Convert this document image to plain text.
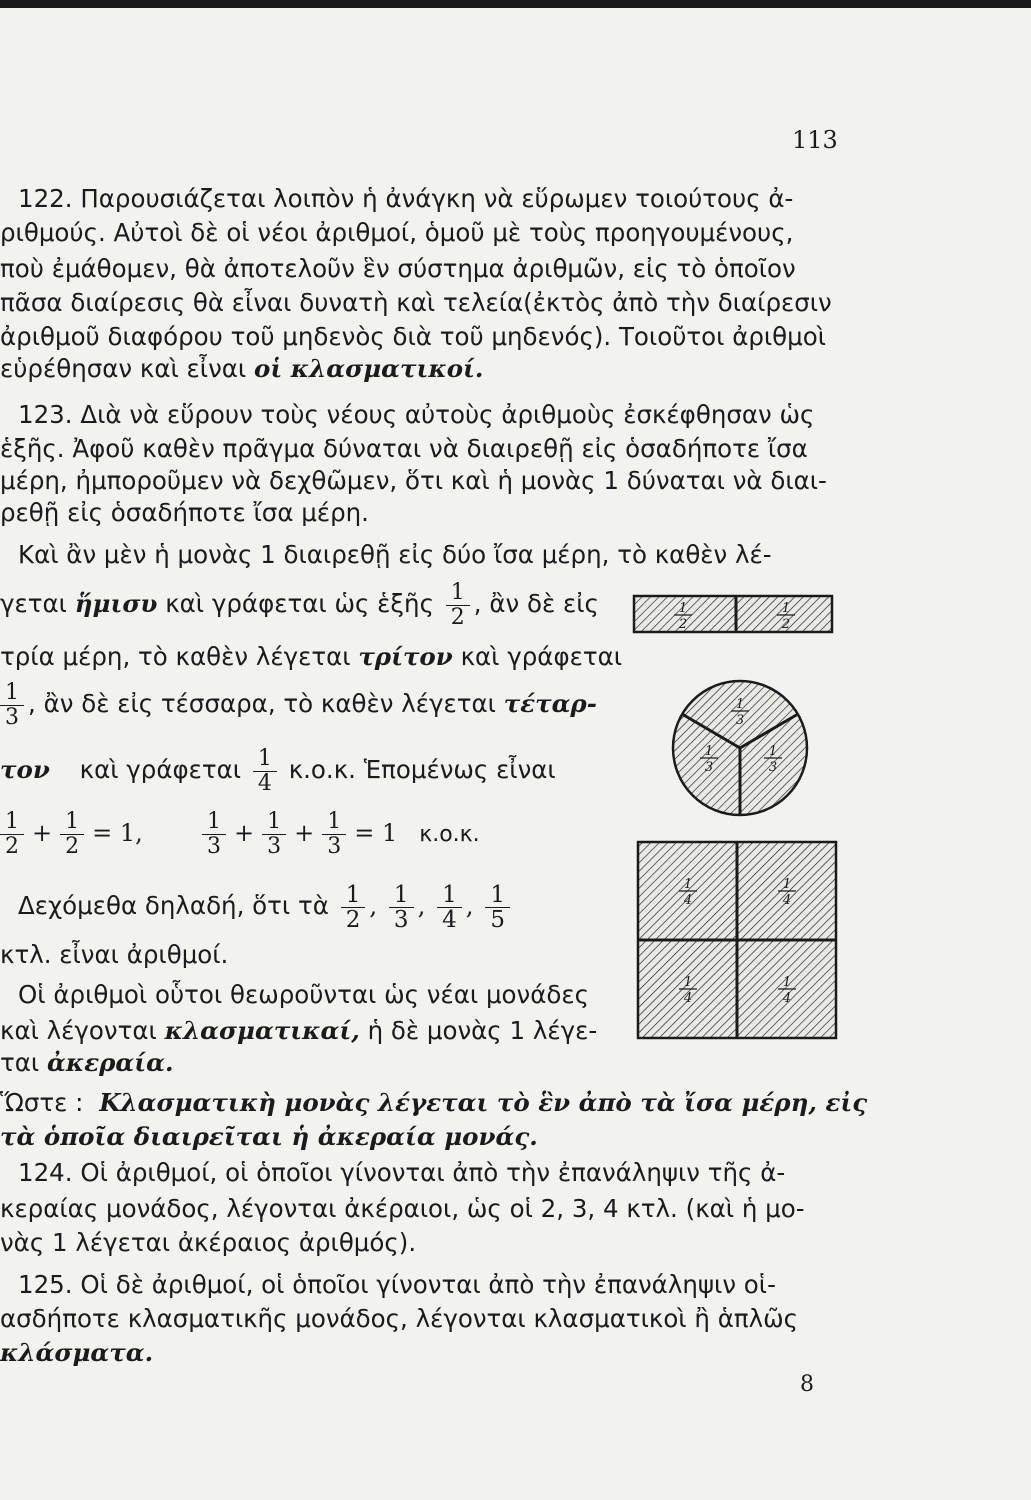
113
122. Παρουσιάζεται λοιπὸν ἡ ἀνάγκη νὰ εὕρωμεν τοιούτους ἀ-
ριθμούς. Αὐτοὶ δὲ οἱ νέοι ἀριθμοί, ὁμοῦ μὲ τοὺς προηγουμένους,
ποὺ ἐμάθομεν, θὰ ἀποτελοῦν ἓν σύστημα ἀριθμῶν, εἰς τὸ ὁποῖον
πᾶσα διαίρεσις θὰ εἶναι δυνατὴ καὶ τελεία(ἐκτὸς ἀπὸ τὴν διαίρεσιν
ἀριθμοῦ διαφόρου τοῦ μηδενὸς διὰ τοῦ μηδενός). Τοιοῦτοι ἀριθμοὶ
εὑρέθησαν καὶ εἶναι οἱ κλασματικοί.
123. Διὰ νὰ εὕρουν τοὺς νέους αὐτοὺς ἀριθμοὺς ἐσκέφθησαν ὡς
ἑξῆς. Ἀφοῦ καθὲν πρᾶγμα δύναται νὰ διαιρεθῇ εἰς ὁσαδήποτε ἴσα
μέρη, ἠμποροῦμεν νὰ δεχθῶμεν, ὅτι καὶ ἡ μονὰς 1 δύναται νὰ διαι-
ρεθῇ εἰς ὁσαδήποτε ἴσα μέρη.
Καὶ ἂν μὲν ἡ μονὰς 1 διαιρεθῇ εἰς δύο ἴσα μέρη, τὸ καθὲν λέ-
γεται ἥμισυ καὶ γράφεται ὡς ἑξῆς $\frac{1}{2}$ , ἂν δὲ εἰς
τρία μέρη, τὸ καθὲν λέγεται τρίτον καὶ γράφεται
$\frac{1}{3}$ , ἂν δὲ εἰς τέσσαρα, τὸ καθὲν λέγεται τέταρ-
τον καὶ γράφεται $\frac{1}{4} \kappa.o.\kappa$. Ἑπομένως εἶναι
$\frac{1}{2} + \frac{1}{2} = 1$,	$\frac{1}{3} + \frac{1}{3} + \frac{1}{3} = 1$ κ.ο.κ.
Δεχόμεθα δηλαδή, ὅτι τὰ $\frac{1}{2}$ , $\frac{1}{3}$ , $\frac{1}{4}$ , $\frac{1}{5}$
κτλ. εἶναι ἀριθμοί.
Οἱ ἀριθμοὶ οὗτοι θεωροῦνται ὡς νέαι μονάδες
καὶ λέγονται κλασματικαί, ἡ δὲ μονὰς 1 λέγε-
ται ἀκεραία.
Ὥστε : Κλασματικὴ μονὰς λέγεται τὸ ἓν ἀπὸ τὰ ἴσα μέρη, εἰς
τὰ ὁποῖα διαιρεῖται ἡ ἀκεραία μονάς.
124. Οἱ ἀριθμοί, οἱ ὁποῖοι γίνονται ἀπὸ τὴν ἐπανάληψιν τῆς ἀ-
κεραίας μονάδος, λέγονται ἀκέραιοι, ὡς οἱ 2, 3, 4 κτλ. (καὶ ἡ μο-
νὰς 1 λέγεται ἀκέραιος ἀριθμός).
125. Οἱ δὲ ἀριθμοί, οἱ ὁποῖοι γίνονται ἀπὸ τὴν ἐπανάληψιν οἱ-
ασδήποτε κλασματικῆς μονάδος, λέγονται κλασματικοὶ ἢ ἁπλῶς
κλάσματα.
8
1
2
1
2
1
3
1
3
1
3
1
4
1
4
1
4
1
4
